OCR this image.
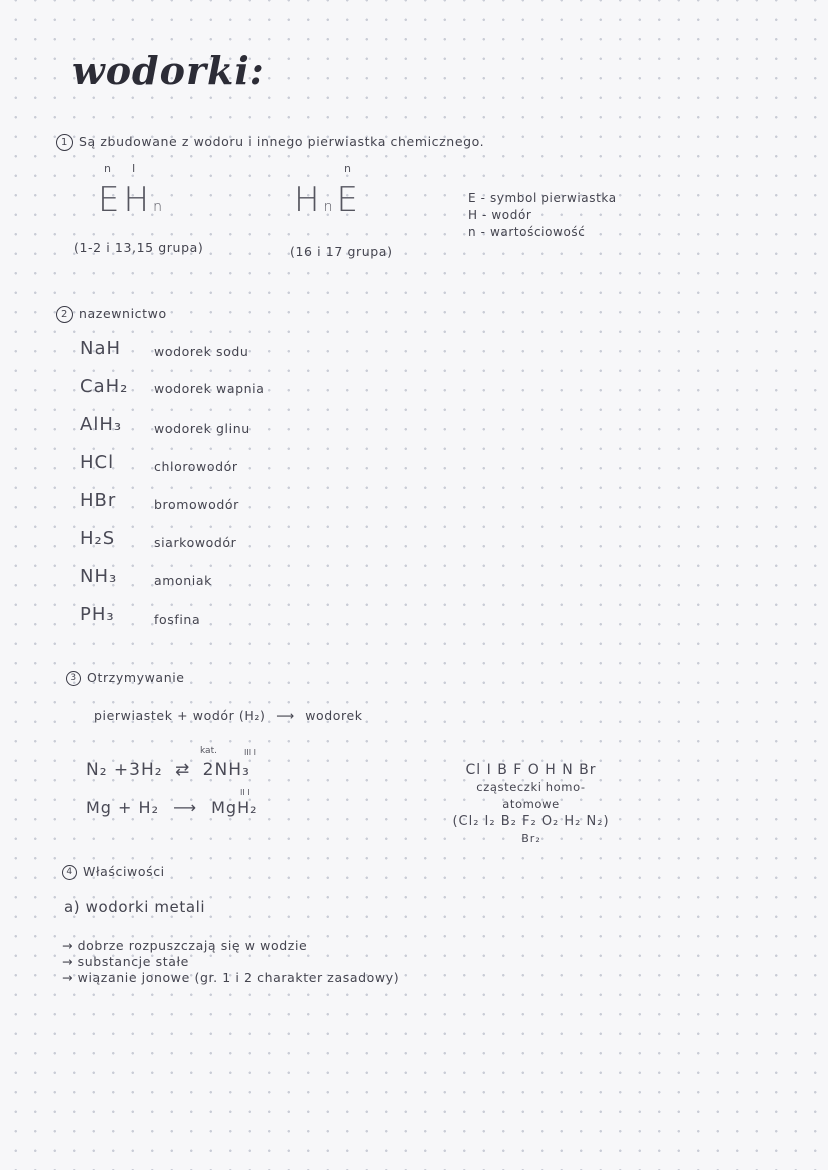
wodorki:
1 Są zbudowane z wodoru i innego pierwiastka chemicznego.
n I
EHn
(1-2 i 13,15 grupa)
n
HnE
(16 i 17 grupa)
E - symbol pierwiastka
H - wodór
n - wartościowość
2 nazewnictwo
NaH	wodorek sodu
CaH₂ wodorek wapnia
AlH₃	wodorek glinu
HCl	chlorowodór
HBr	bromowodór
H₂S	siarkowodór
NH₃	amoniak
PH₃	fosfina
3 Otrzymywanie
pierwiastek + wodór (H₂) ⟶ wodorek
kat.	III I
N₂ +3H₂ ⇄ 2NH₃
II I
Mg + H₂ ⟶ MgH₂
Cl I B F O H N Br
cząsteczki homo-
atomowe
(Cl₂ I₂ B₂ F₂ O₂ H₂ N₂)
Br₂
4 Właściwości
a) wodorki metali
→ dobrze rozpuszczają się w wodzie
→ substancje stałe
→ wiązanie jonowe (gr. 1 i 2 charakter zasadowy)
